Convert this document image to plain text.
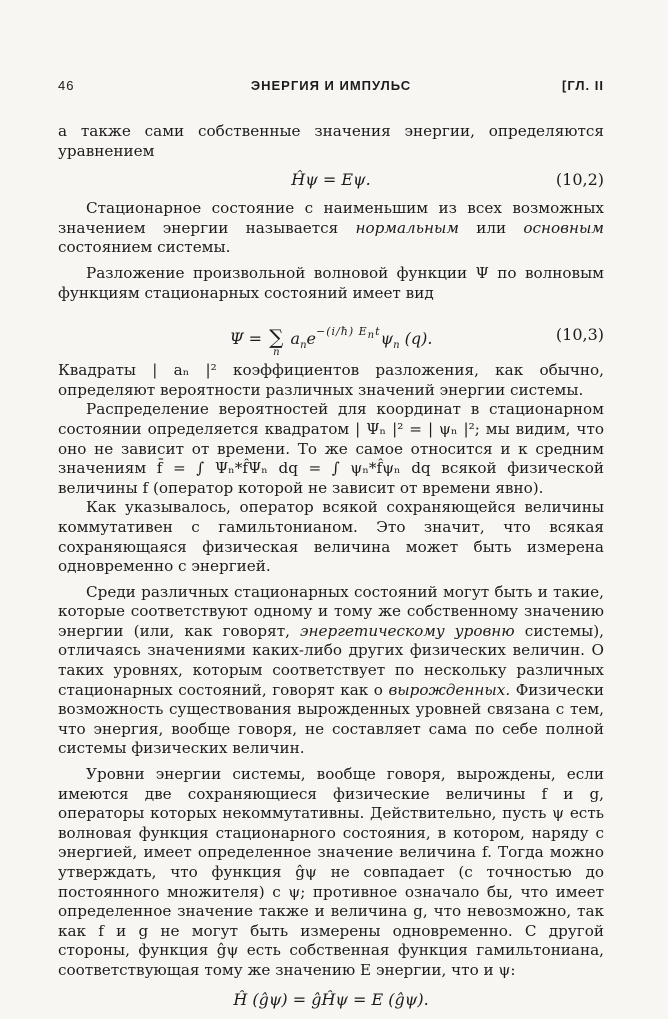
46	ЭНЕРГИЯ И ИМПУЛЬС	[ГЛ. II

а также сами собственные значения энергии, определяются уравнением

Ĥψ = Eψ.	(10,2)

Стационарное состояние с наименьшим из всех возможных значением энергии называется нормальным или основным состоянием системы.

Разложение произвольной волновой функции Ψ по волновым функциям стационарных состояний имеет вид

Ψ = ∑
n
$a_ne^{-(i/ħ) E_nt}\psi_n$ (q).	(10,3)

Квадраты | aₙ |² коэффициентов разложения, как обычно, определяют вероятности различных значений энергии системы.

Распределение вероятностей для координат в стационарном состоянии определяется квадратом | Ψₙ |² = | ψₙ |²; мы видим, что оно не зависит от времени. То же самое относится и к средним значениям f̄ = ∫ Ψₙ*f̂Ψₙ dq = ∫ ψₙ*f̂ψₙ dq всякой физической величины f (оператор которой не зависит от времени явно).

Как указывалось, оператор всякой сохраняющейся величины коммутативен с гамильтонианом. Это значит, что всякая сохраняющаяся физическая величина может быть измерена одновременно с энергией.

Среди различных стационарных состояний могут быть и такие, которые соответствуют одному и тому же собственному значению энергии (или, как говорят, энергетическому уровню системы), отличаясь значениями каких-либо других физических величин. О таких уровнях, которым соответствует по нескольку различных стационарных состояний, говорят как о вырожденных. Физически возможность существования вырожденных уровней связана с тем, что энергия, вообще говоря, не составляет сама по себе полной системы физических величин.

Уровни энергии системы, вообще говоря, вырождены, если имеются две сохраняющиеся физические величины f и g, операторы которых некоммутативны. Действительно, пусть ψ есть волновая функция стационарного состояния, в котором, наряду с энергией, имеет определенное значение величина f. Тогда можно утверждать, что функция ĝψ не совпадает (с точностью до постоянного множителя) с ψ; противное означало бы, что имеет определенное значение также и величина g, что невозможно, так как f и g не могут быть измерены одновременно. С другой стороны, функция ĝψ есть собственная функция гамильтониана, соответствующая тому же значению E энергии, что и ψ:

Ĥ (ĝψ) = ĝĤψ = E (ĝψ).
